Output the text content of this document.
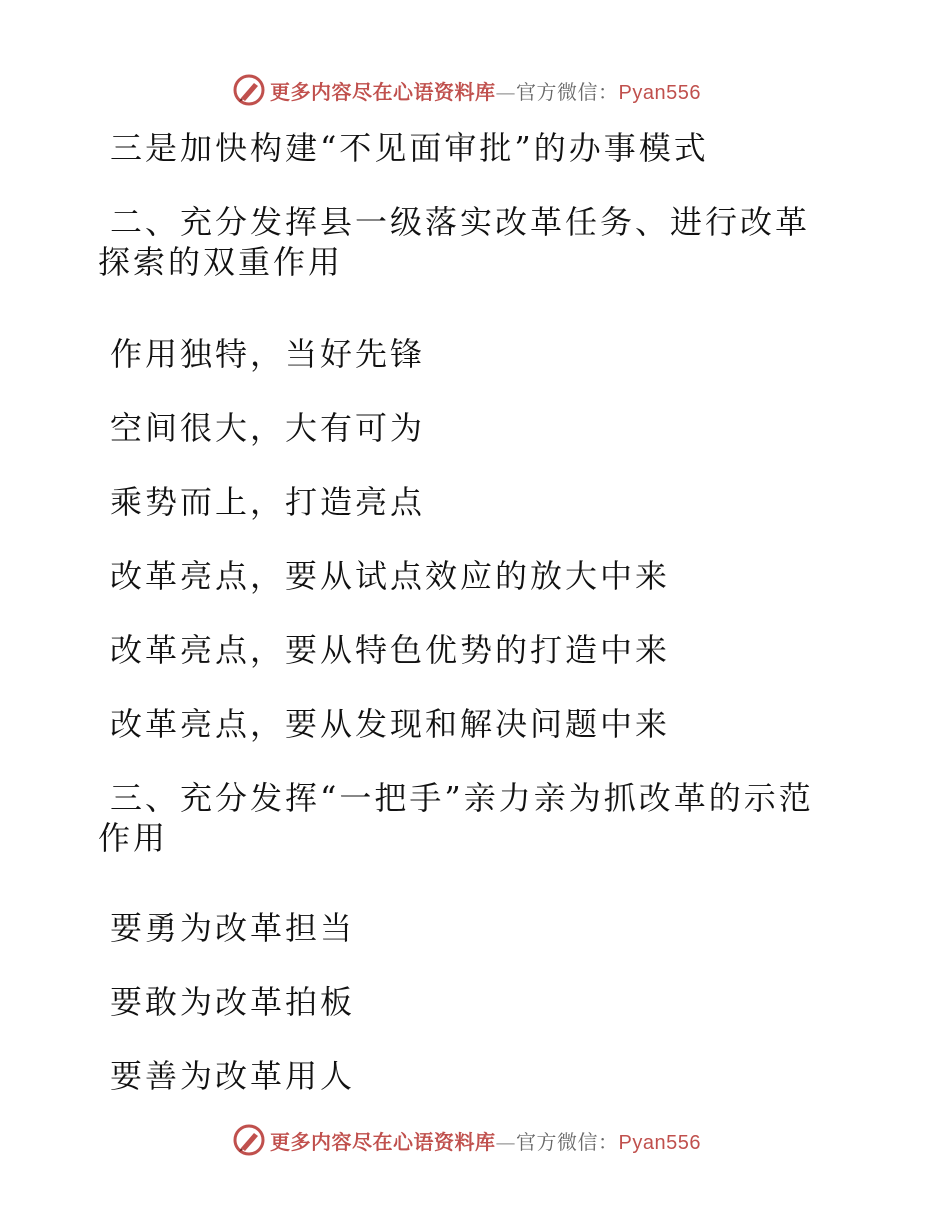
更多内容尽在心语资料库—官方微信：Pyan556
三是加快构建“不见面审批”的办事模式
二、充分发挥县一级落实改革任务、进行改革探索的双重作用
作用独特，当好先锋
空间很大，大有可为
乘势而上，打造亮点
改革亮点，要从试点效应的放大中来
改革亮点，要从特色优势的打造中来
改革亮点，要从发现和解决问题中来
三、充分发挥“一把手”亲力亲为抓改革的示范作用
要勇为改革担当
要敢为改革拍板
要善为改革用人
更多内容尽在心语资料库—官方微信：Pyan556
